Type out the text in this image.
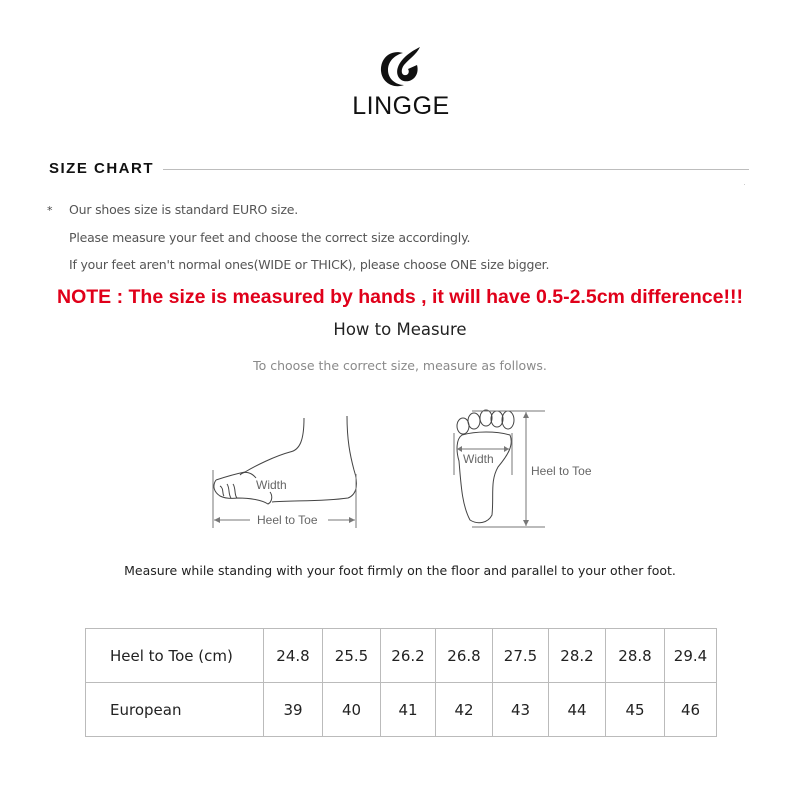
LINGGE
SIZE CHART
* Our shoes size is standard EURO size.
Please measure your feet and choose the correct size accordingly.
If your feet aren't normal ones(WIDE or THICK), please choose ONE size bigger.
NOTE : The size is measured by hands , it will have 0.5-2.5cm difference!!!
How to Measure
To choose the correct size, measure as follows.
Width
Heel to Toe
Width
Heel to Toe
Measure while standing with your foot firmly on the floor and parallel to your other foot.
Heel to Toe (cm)	24.8	25.5	26.2	26.8	27.5	28.2	28.8	29.4
European	39	40	41	42	43	44	45	46
